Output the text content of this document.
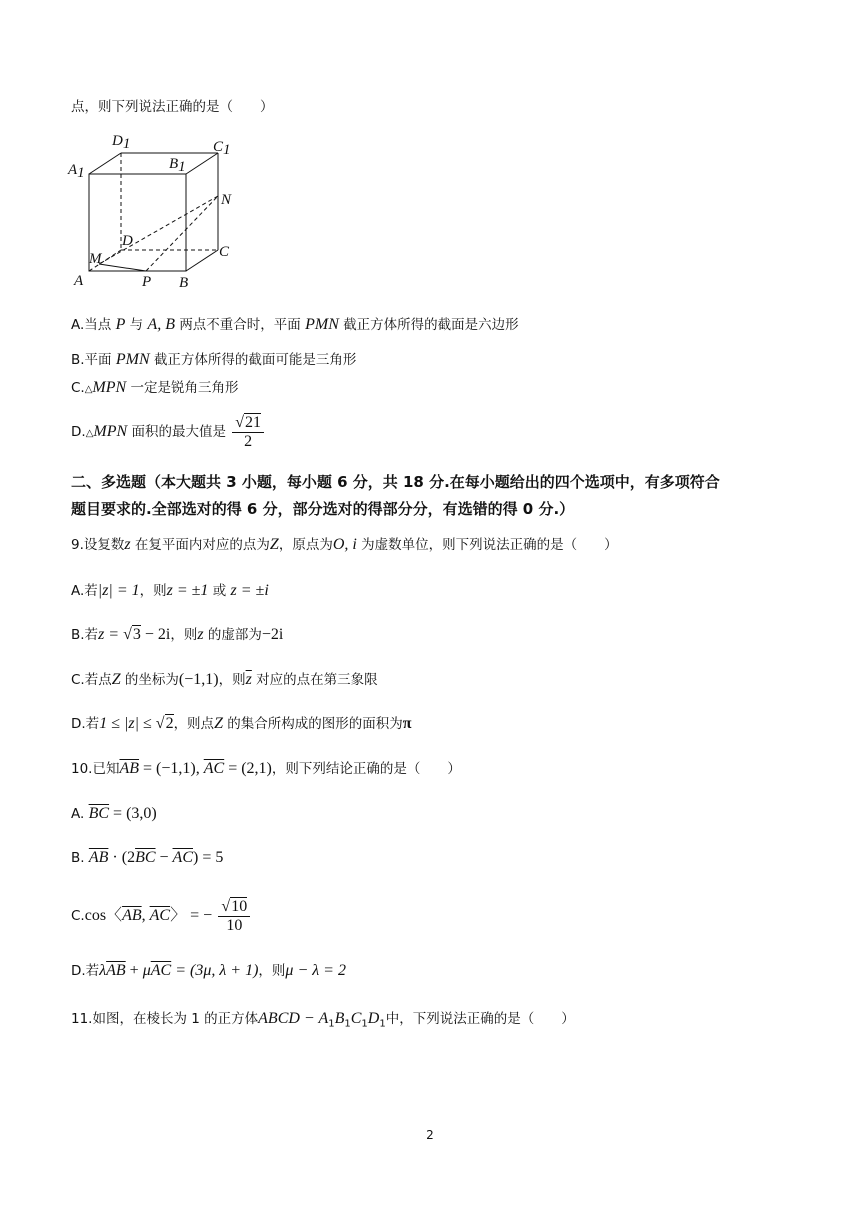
点，则下列说法正确的是（　　）
D1	C1
A1
B1
N
D
C
M
A	P B
A.当点 P 与 A, B 两点不重合时，平面 PMN 截正方体所得的截面是六边形
B.平面 PMN 截正方体所得的截面可能是三角形
C.△MPN 一定是锐角三角形
D.△MPN 面积的最大值是 $\frac{√21}{2}$
二、多选题（本大题共 3 小题，每小题 6 分，共 18 分.在每小题给出的四个选项中，有多项符合
题目要求的.全部选对的得 6 分，部分选对的得部分分，有选错的得 0 分.）
9.设复数z 在复平面内对应的点为Z，原点为O, i 为虚数单位，则下列说法正确的是（　　）
A.若|z| = 1，则z = ±1 或 z = ±i
B.若z = √3 − 2i，则z 的虚部为−2i
C.若点Z 的坐标为(−1,1)，则$\overline{z}$ 对应的点在第三象限
D.若1 ≤ |z| ≤ √2，则点Z 的集合所构成的图形的面积为π
10.已知$\overline{AB} = (-1,1)$, $\overline{AC} = (2,1)$，则下列结论正确的是（　　）
A. $\overline{BC} = (3,0)$
B. $\overline{AB} \cdot (2\overline{BC} - \overline{AC}) = 5$
C.cos〈$\overline{AB}$, $\overline{AC}$〉 = − $\frac{√10}{10}$
D.若$\lambda\overline{AB} + \mu\overline{AC} = (3\mu$, λ + 1)，则μ − λ = 2
11.如图，在棱长为 1 的正方体ABCD − $A_1B_1C_1D_1$中，下列说法正确的是（　　）
2
